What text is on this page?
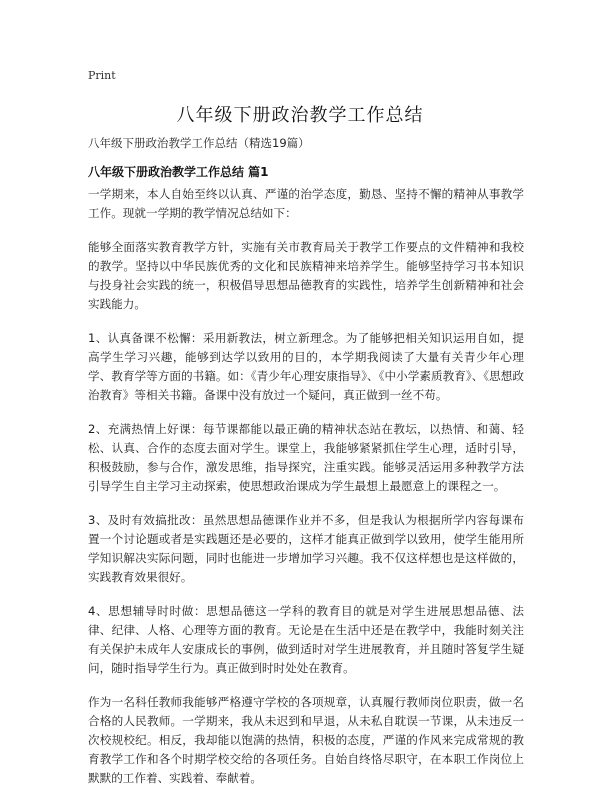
Print
八年级下册政治教学工作总结
八年级下册政治教学工作总结（精选19篇）
八年级下册政治教学工作总结 篇1

一学期来，本人自始至终以认真、严谨的治学态度，勤恳、坚持不懈的精神从事教学工作。现就一学期的教学情况总结如下：

能够全面落实教育教学方针，实施有关市教育局关于教学工作要点的文件精神和我校的教学。坚持以中华民族优秀的文化和民族精神来培养学生。能够坚持学习书本知识与投身社会实践的统一，积极倡导思想品德教育的实践性，培养学生创新精神和社会实践能力。

1、认真备课不松懈：采用新教法，树立新理念。为了能够把相关知识运用自如，提高学生学习兴趣，能够到达学以致用的目的，本学期我阅读了大量有关青少年心理学、教育学等方面的书籍。如：《青少年心理安康指导》、《中小学素质教育》、《思想政治教育》等相关书籍。备课中没有放过一个疑问，真正做到一丝不苟。

2、充满热情上好课：每节课都能以最正确的精神状态站在教坛，以热情、和蔼、轻松、认真、合作的态度去面对学生。课堂上，我能够紧紧抓住学生心理，适时引导，积极鼓励，参与合作，激发思维，指导探究，注重实践。能够灵活运用多种教学方法引导学生自主学习主动探索，使思想政治课成为学生最想上最愿意上的课程之一。

3、及时有效搞批改：虽然思想品德课作业并不多，但是我认为根据所学内容每课布置一个讨论题或者是实践题还是必要的，这样才能真正做到学以致用，使学生能用所学知识解决实际问题，同时也能进一步增加学习兴趣。我不仅这样想也是这样做的，实践教育效果很好。

4、思想辅导时时做：思想品德这一学科的教育目的就是对学生进展思想品德、法律、纪律、人格、心理等方面的教育。无论是在生活中还是在教学中，我能时刻关注有关保护未成年人安康成长的事例，做到适时对学生进展教育，并且随时答复学生疑问，随时指导学生行为。真正做到时时处处在教育。

作为一名科任教师我能够严格遵守学校的各项规章，认真履行教师岗位职责，做一名合格的人民教师。一学期来，我从未迟到和早退，从未私自耽误一节课，从未违反一次校规校纪。相反，我却能以饱满的热情，积极的态度，严谨的作风来完成常规的教育教学工作和各个时期学校交给的各项任务。自始自终恪尽职守，在本职工作岗位上默默的工作着、实践着、奉献着。
